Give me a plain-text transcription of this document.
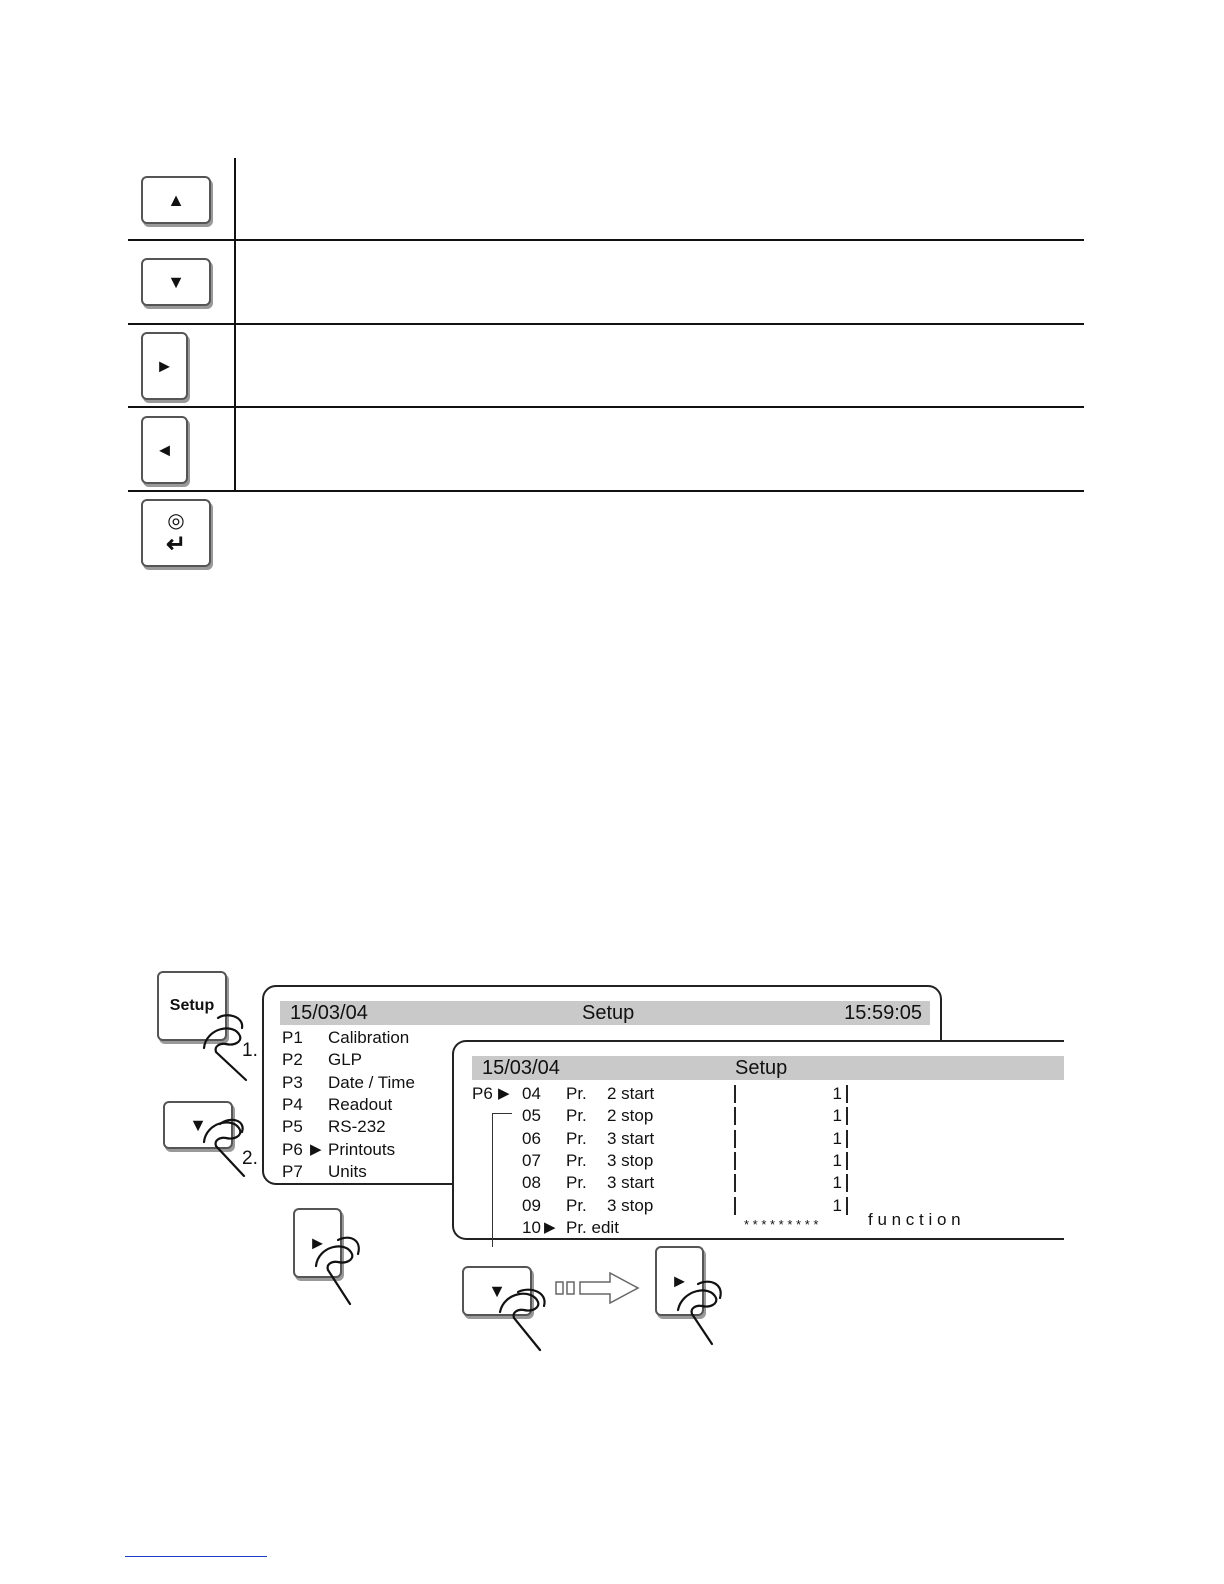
▲
▼
►
◄
◎
↵
Setup
1.
▼
2.
►
15/03/04	Setup	15:59:05
P1 Calibration
P2 GLP
P3 Date / Time
P4 Readout
P5 RS-232
P6 ▶ Printouts
P7 Units
15/03/04	Setup
P6 ▶ 04 Pr. 2 start	1
05 Pr. 2 stop	1
06 Pr. 3 start	1
07 Pr. 3 stop	1
08 Pr. 3 start	1
09 Pr. 3 stop	1
10 ▶ Pr. edit	* * * * * * * * *	f u n c t i o n
▼	►
